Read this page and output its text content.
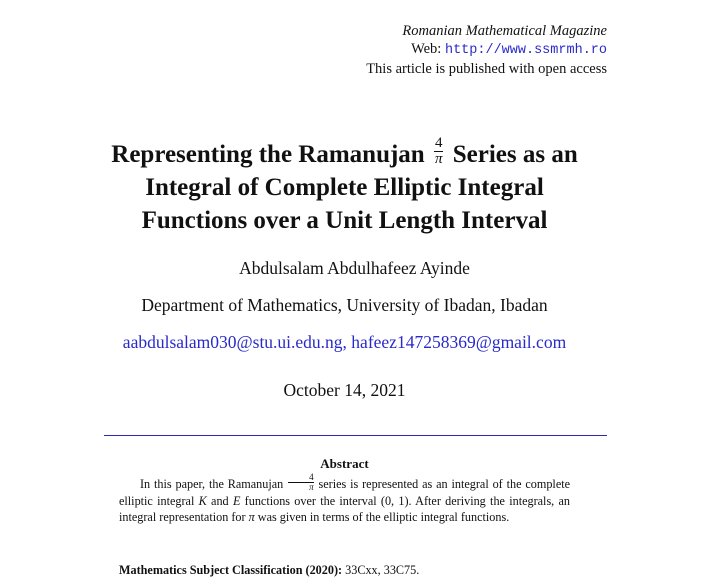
Romanian Mathematical Magazine
Web: http://www.ssmrmh.ro
This article is published with open access
Representing the Ramanujan $\frac{4}{\pi}$ Series as an
Integral of Complete Elliptic Integral
Functions over a Unit Length Interval
Abdulsalam Abdulhafeez Ayinde
Department of Mathematics, University of Ibadan, Ibadan
aabdulsalam030@stu.ui.edu.ng, hafeez147258369@gmail.com
October 14, 2021
Abstract
In this paper, the Ramanujan $\frac{4}{\pi}$ series is represented as an integral of the complete elliptic integral K and E functions over the interval (0, 1). After deriving the integrals, an integral representation for π was given in terms of the elliptic integral functions.
Mathematics Subject Classification (2020): 33Cxx, 33C75.
